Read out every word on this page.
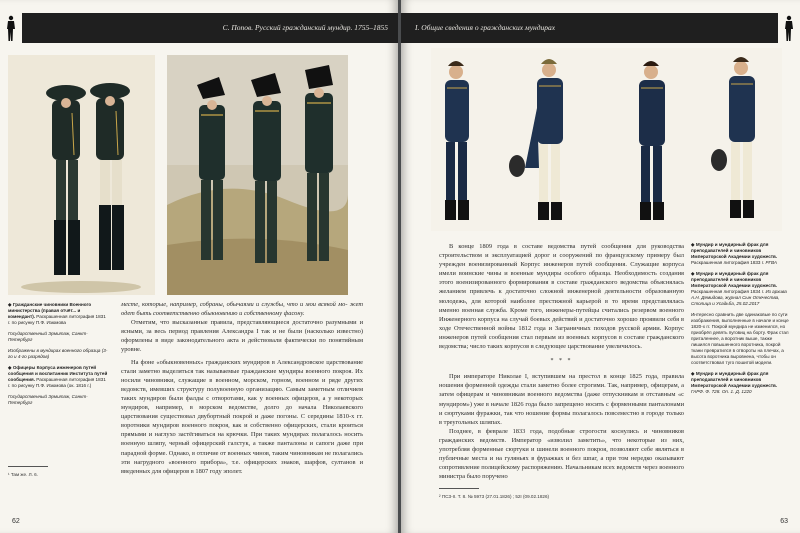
С. Попов. Русский гражданский мундир. 1755–1855

◆ Гражданские чиновники Военного министерства (правая отчёт... и комендант). Раскрашенная литография 1831 г. по рисунку П.Ф. Изюмова

Государственный Эрмитаж, Санкт-Петербург

Изображены в мундирах военного образца (3-го и 4-го разрядов)

◆ Офицеры Корпуса инженеров путей сообщения и воспитанник Института путей сообщения. Раскрашенная литография 1831 г. по рисунку П.Ф. Изюмова (ок. 1816 г.)

Государственный Эрмитаж, Санкт-Петербург

месте, которые, например, собраны, обычаями и службы, что и мои всякой мо- жет одет быть соответственно обыкновению и собственному фасону.

Отметим, что высказанные правила, представляющиеся достаточно разумными и ясными, за весь период правления Александра I так и не были (насколько известно) оформлены в виде законодательного акта и действовали фактически по понятийным уровне.

На фоне «обыкновенных» гражданских мундиров в Александровское царствование стали заметно выделяться так называемые гражданские мундиры военного покроя. Их носили чиновники, служащие в военном, морском, горном, военном и ряде других ведомств, имевших структуру полувоенную организацию. Самым заметным отличием таких мундиров были фалды с отворотами, как у военных офицеров, а у некоторых мундиров, например, в морском ведомстве, долго до начала Николаевского царствования существовал двубортный покрой и даже погоны. С середины 1810-х гг. воротники мундиров военного покроя, как и собственно офицерских, стали кроиться прямыми и наглухо застёгиваться на крючки. При таких мундирах полагалось носить военную шляпу, черный офицерский галстук, а также панталоны и сапоги даже при парадной форме. Однако, в отличие от военных чинов, таким чиновникам не полагались эти нагрудного «военного прибора», т.е. офицерских знаков, шарфов, султанов и введенных для офицеров в 1807 году эполет.

¹ Там же. Л. 6.
62
I. Общие сведения о гражданских мундирах

В конце 1809 года в составе ведомства путей сообщения для руководства строительством и эксплуатацией дорог и сооружений по французскому примеру был учрежден военизированный Корпус инженеров путей сообщения. Служащие корпуса имели воинские чины и военные мундиры особого образца. Необходимость создания этого военизированного формирования в составе гражданского ведомства объяснялась желанием привлечь к достаточно сложной инженерной деятельности образованную молодежь, для которой наиболее престижной карьерой в то время представлялась именно военная служба. Кроме того, инженеры-путейцы считались резервом военного Инженерного корпуса на случай боевых действий и достаточно хорошо проявили себя в ходе Отечественной войны 1812 года и Заграничных походов русской армии. Корпус инженеров путей сообщения стал первым из военных корпусов в составе гражданского ведомства; число таких корпусов в следующее царствование увеличилось.

* * *

При императоре Николае I, вступившем на престол в конце 1825 года, правила ношения форменной одежды стали заметно более строгими. Так, например, офицерам, а затем офицерам и чиновникам военного ведомства (даже отпускникам и отставным «с мундиром») уже в начале 1826 года было запрещено носить с форменными панталонами и сюртуками фуражки, так что ношение формы полагалось повсеместно в городе только в треугольных шляпах.

Позднее, в феврале 1833 года, подобные строгости коснулись и чиновников гражданских ведомств. Император «изволил заметить», что некоторые из них, употребляя форменные сюртуки и шинели военного покроя, позволяют себе являться в публичные места и на гуляньях в фуражках и без шпаг, а при том нередко оказывают сопротивление полицейскому распоряжению. Начальникам всех ведомств через военного министра было поручено

◆ Мундир и мундирный фрак для преподавателей и чиновников Императорской Академии художеств. Раскрашенная литография 1833 г. РГВА

◆ Мундир и мундирный фрак для преподавателей и чиновников Императорской Академии художеств. Раскрашенная литография 1834 г. Из архива А.Н. Демидова, журнал Сын Отечества, Столица и Усадьба, 25.02.2017

Интересно сравнить две одинаковые по сути изображения, выполненные в начале и конце 1820-х гг. Покрой мундира не изменился, но приобрёл девять пуговиц на борту. Фрак стал приталеннее, а воротник выше, также лишился повышенного воротника, покрой ткани превратился в отвороты на плечах, а высота воротника выровнена, чтобы он соответствовал туго пошитой модели.

◆ Мундир и мундирный фрак для преподавателей и чиновников Императорской Академии художеств. ГАРФ. Ф. 728. Оп. 1. Д. 1220

² ПСЗ-II. Т. 8. № 5973 (27.01.1826) ; 52I (09.02.1826)
63
